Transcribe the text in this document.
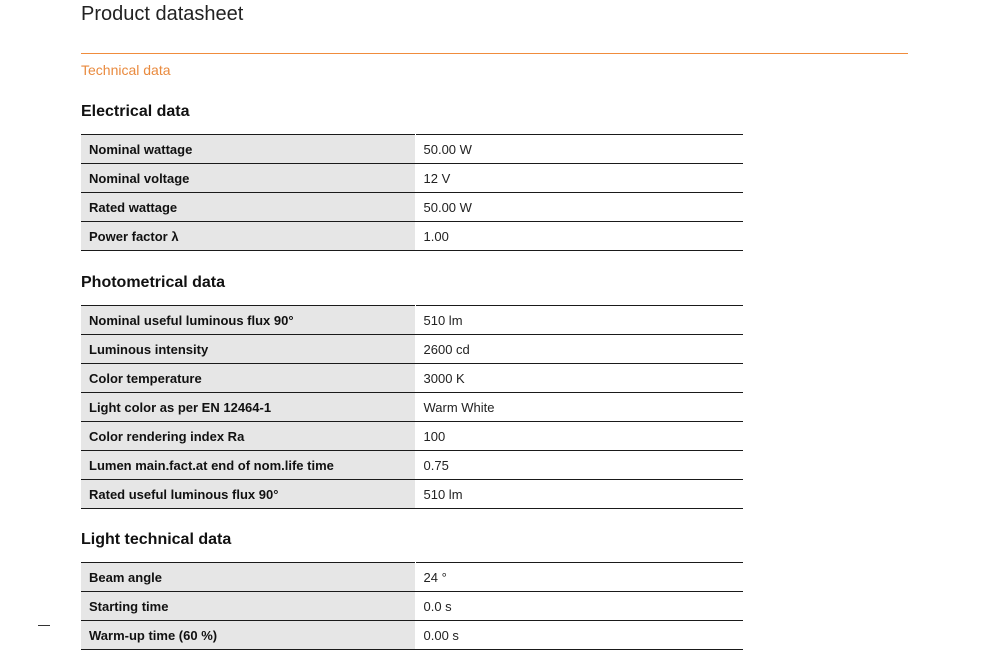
Product datasheet
Technical data
Electrical data
Nominal wattage	50.00 W
Nominal voltage	12 V
Rated wattage	50.00 W
Power factor λ	1.00
Photometrical data
Nominal useful luminous flux 90°	510 lm
Luminous intensity	2600 cd
Color temperature	3000 K
Light color as per EN 12464-1	Warm White
Color rendering index Ra	100
Lumen main.fact.at end of nom.life time	0.75
Rated useful luminous flux 90°	510 lm
Light technical data
Beam angle	24 °
Starting time	0.0 s
Warm-up time (60 %)	0.00 s
